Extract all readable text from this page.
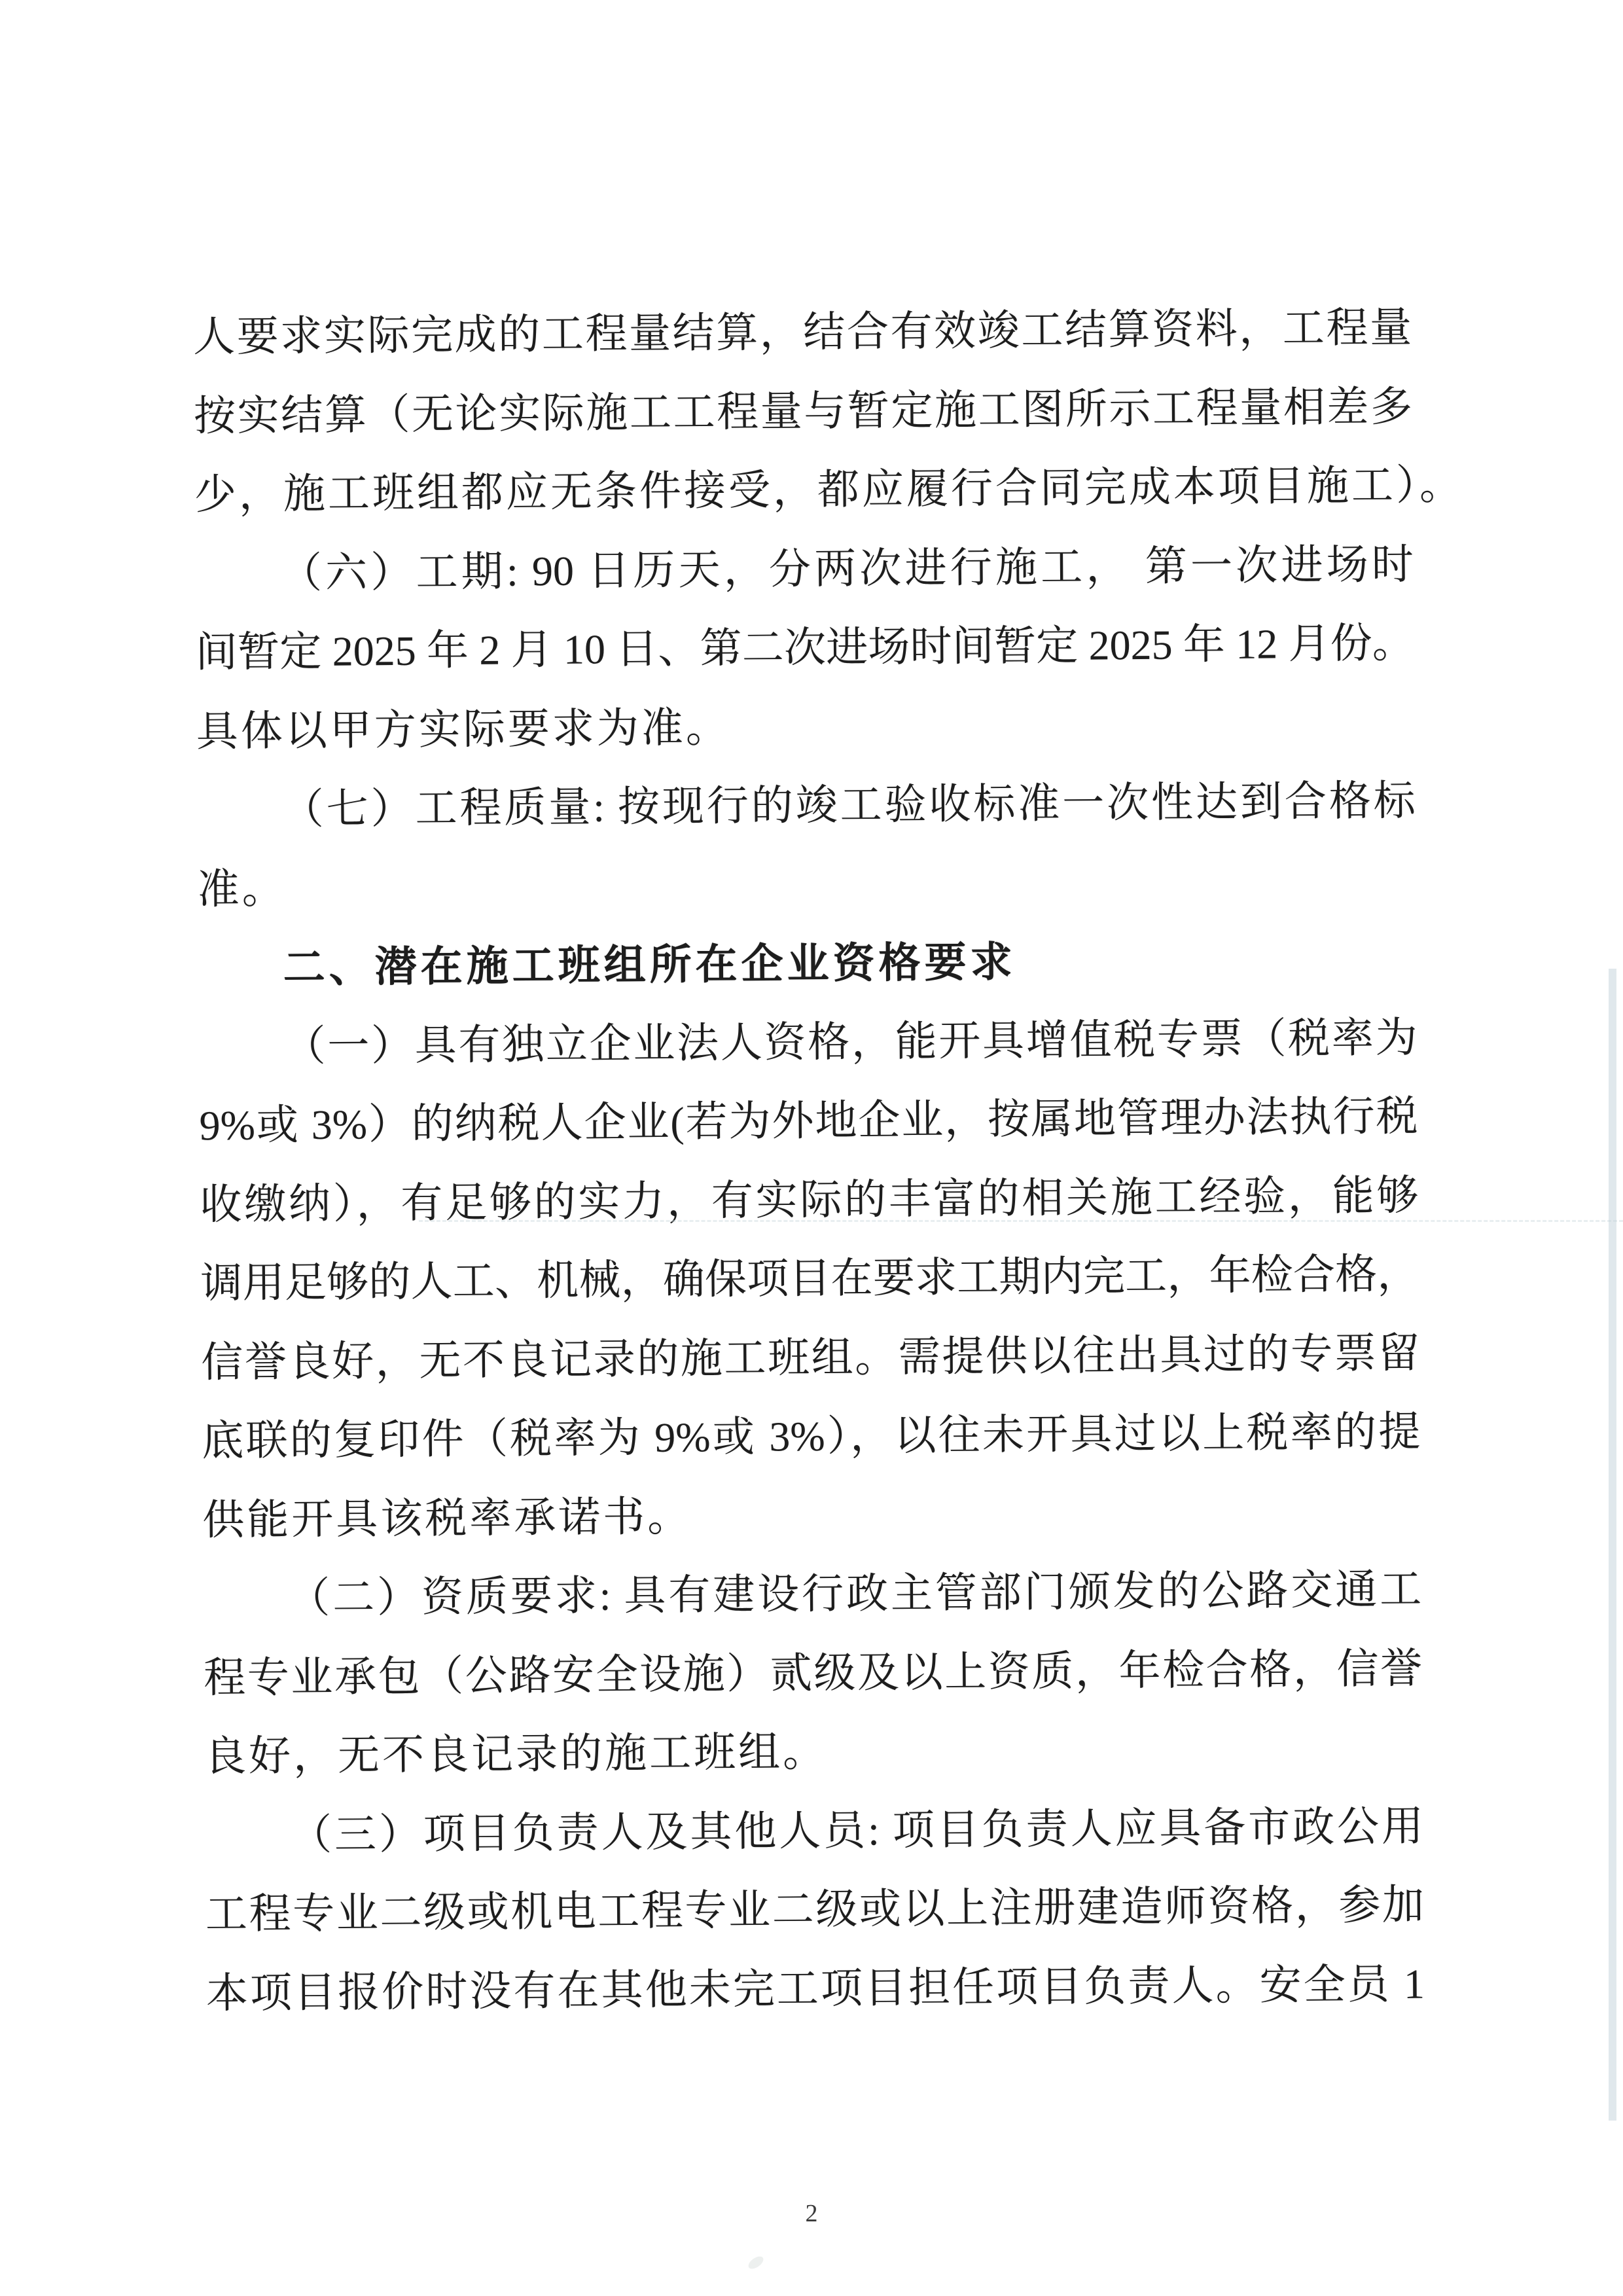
人要求实际完成的工程量结算，结合有效竣工结算资料，工程量
按实结算（无论实际施工工程量与暂定施工图所示工程量相差多
少，施工班组都应无条件接受，都应履行合同完成本项目施工）。
（六）工期: 90 日历天，分两次进行施工， 第一次进场时
间暂定 2025 年 2 月 10 日、第二次进场时间暂定 2025 年 12 月份。
具体以甲方实际要求为准。
（七）工程质量: 按现行的竣工验收标准一次性达到合格标
准。
二、潜在施工班组所在企业资格要求
（一）具有独立企业法人资格，能开具增值税专票（税率为
9%或 3%）的纳税人企业(若为外地企业，按属地管理办法执行税
收缴纳），有足够的实力，有实际的丰富的相关施工经验，能够
调用足够的人工、机械，确保项目在要求工期内完工，年检合格，
信誉良好，无不良记录的施工班组。需提供以往出具过的专票留
底联的复印件（税率为 9%或 3%），以往未开具过以上税率的提
供能开具该税率承诺书。
（二）资质要求: 具有建设行政主管部门颁发的公路交通工
程专业承包（公路安全设施）贰级及以上资质，年检合格，信誉
良好，无不良记录的施工班组。
（三）项目负责人及其他人员: 项目负责人应具备市政公用
工程专业二级或机电工程专业二级或以上注册建造师资格，参加
本项目报价时没有在其他未完工项目担任项目负责人。安全员 1
2
